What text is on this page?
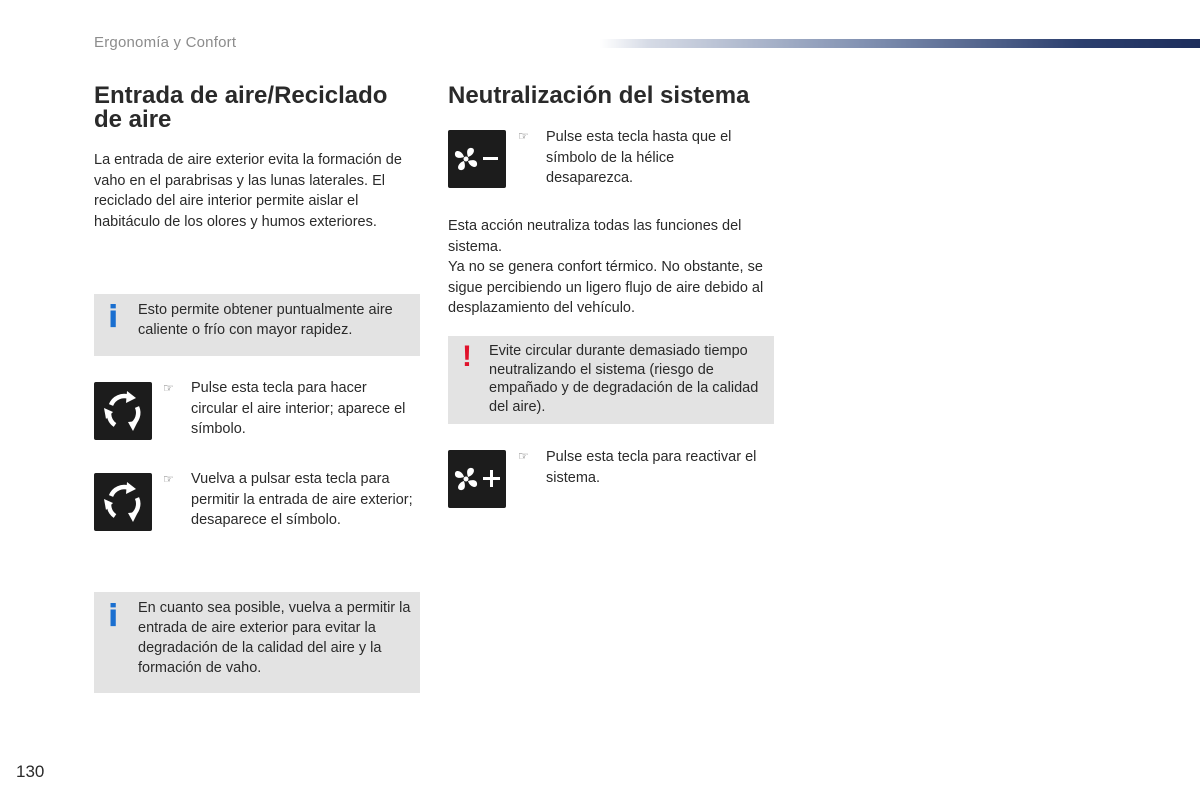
Ergonomía y Confort
Entrada de aire/Reciclado de aire
La entrada de aire exterior evita la formación de vaho en el parabrisas y las lunas laterales. El reciclado del aire interior permite aislar el habitáculo de los olores y humos exteriores.
i Esto permite obtener puntualmente aire caliente o frío con mayor rapidez.
☞ Pulse esta tecla para hacer circular el aire interior; aparece el símbolo.
☞ Vuelva a pulsar esta tecla para permitir la entrada de aire exterior; desaparece el símbolo.
i En cuanto sea posible, vuelva a permitir la entrada de aire exterior para evitar la degradación de la calidad del aire y la formación de vaho.
Neutralización del sistema
☞ Pulse esta tecla hasta que el símbolo de la hélice desaparezca.
Esta acción neutraliza todas las funciones del sistema.
Ya no se genera confort térmico. No obstante, se sigue percibiendo un ligero flujo de aire debido al desplazamiento del vehículo.
! Evite circular durante demasiado tiempo neutralizando el sistema (riesgo de empañado y de degradación de la calidad del aire).
☞ Pulse esta tecla para reactivar el sistema.
130
